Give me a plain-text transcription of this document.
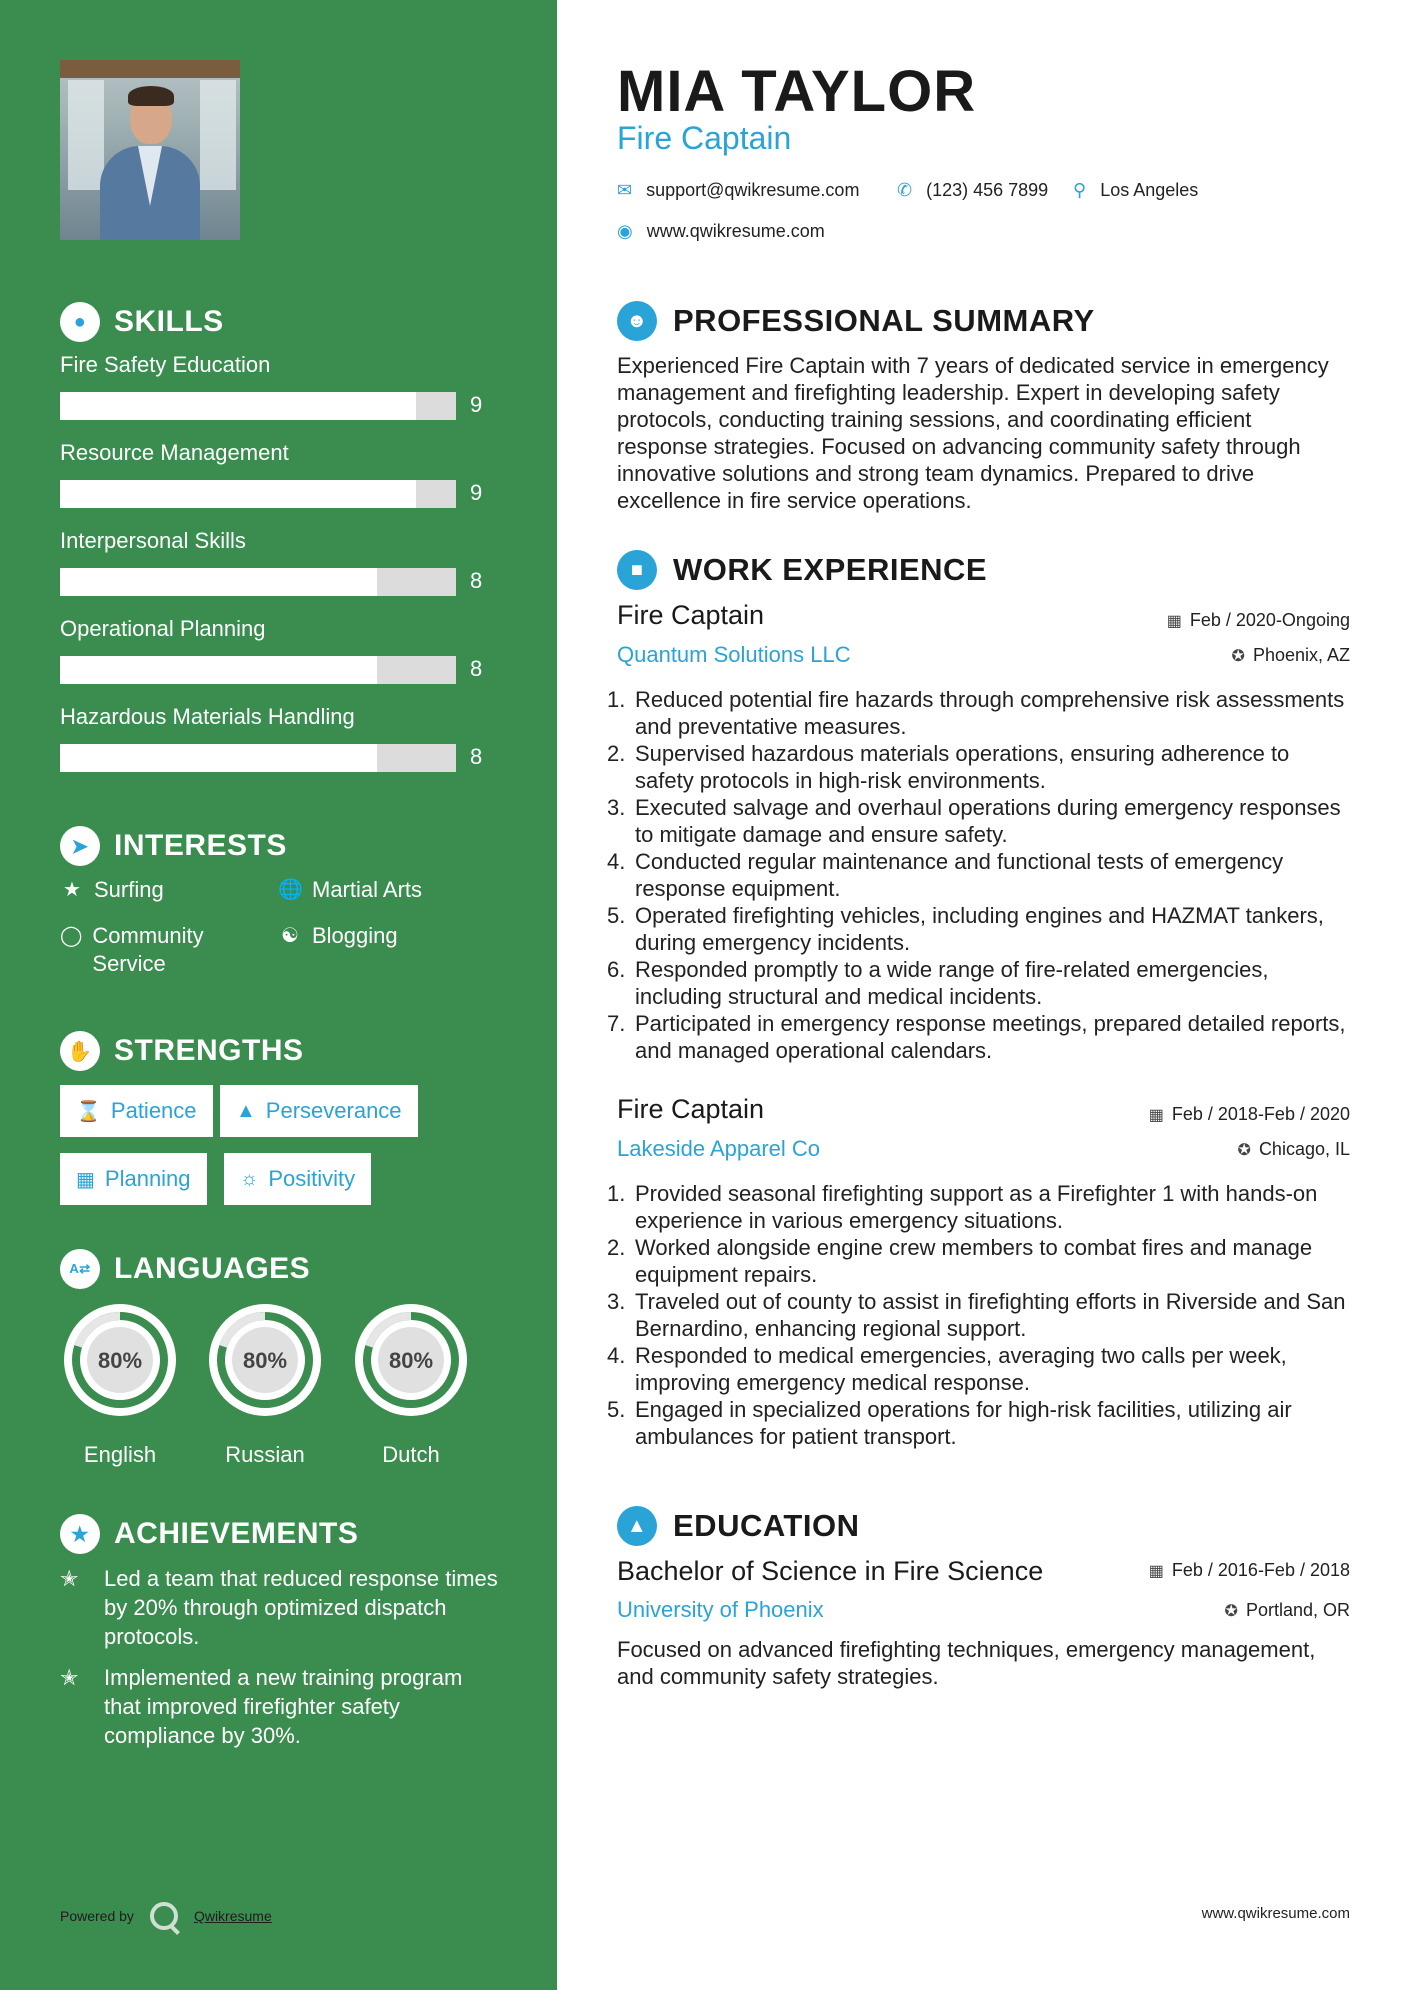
● SKILLS
Fire Safety Education
9
Resource Management
9
Interpersonal Skills
8
Operational Planning
8
Hazardous Materials Handling
8
➤ INTERESTS
★ Surfing	🌐 Martial Arts
◯ Community Service
☯ Blogging
✋ STRENGTHS
⌛ Patience ▲ Perseverance
▦ Planning ☼ Positivity
A⇄ LANGUAGES
80%
English
80%
Russian
80%
Dutch
★ ACHIEVEMENTS
✭	Led a team that reduced response times by 20% through optimized dispatch protocols.
✭	Implemented a new training program that improved firefighter safety compliance by 30%.
Powered by	Qwikresume
MIA TAYLOR
Fire Captain
✉ support@qwikresume.com ✆ (123) 456 7899 ⚲ Los Angeles
◉ www.qwikresume.com
☻ PROFESSIONAL SUMMARY
Experienced Fire Captain with 7 years of dedicated service in emergency management and firefighting leadership. Expert in developing safety protocols, conducting training sessions, and coordinating efficient response strategies. Focused on advancing community safety through innovative solutions and strong team dynamics. Prepared to drive excellence in fire service operations.
■ WORK EXPERIENCE
Fire Captain	▦ Feb / 2020-Ongoing
Quantum Solutions LLC	✪ Phoenix, AZ
1. Reduced potential fire hazards through comprehensive risk assessments and preventative measures.
2. Supervised hazardous materials operations, ensuring adherence to safety protocols in high-risk environments.
3. Executed salvage and overhaul operations during emergency responses to mitigate damage and ensure safety.
4. Conducted regular maintenance and functional tests of emergency response equipment.
5. Operated firefighting vehicles, including engines and HAZMAT tankers, during emergency incidents.
6. Responded promptly to a wide range of fire-related emergencies, including structural and medical incidents.
7. Participated in emergency response meetings, prepared detailed reports, and managed operational calendars.
Fire Captain	▦ Feb / 2018-Feb / 2020
Lakeside Apparel Co	✪ Chicago, IL
1. Provided seasonal firefighting support as a Firefighter 1 with hands-on experience in various emergency situations.
2. Worked alongside engine crew members to combat fires and manage equipment repairs.
3. Traveled out of county to assist in firefighting efforts in Riverside and San Bernardino, enhancing regional support.
4. Responded to medical emergencies, averaging two calls per week, improving emergency medical response.
5. Engaged in specialized operations for high-risk facilities, utilizing air ambulances for patient transport.
▲ EDUCATION
Bachelor of Science in Fire Science	▦ Feb / 2016-Feb / 2018
University of Phoenix	✪ Portland, OR
Focused on advanced firefighting techniques, emergency management, and community safety strategies.
www.qwikresume.com
